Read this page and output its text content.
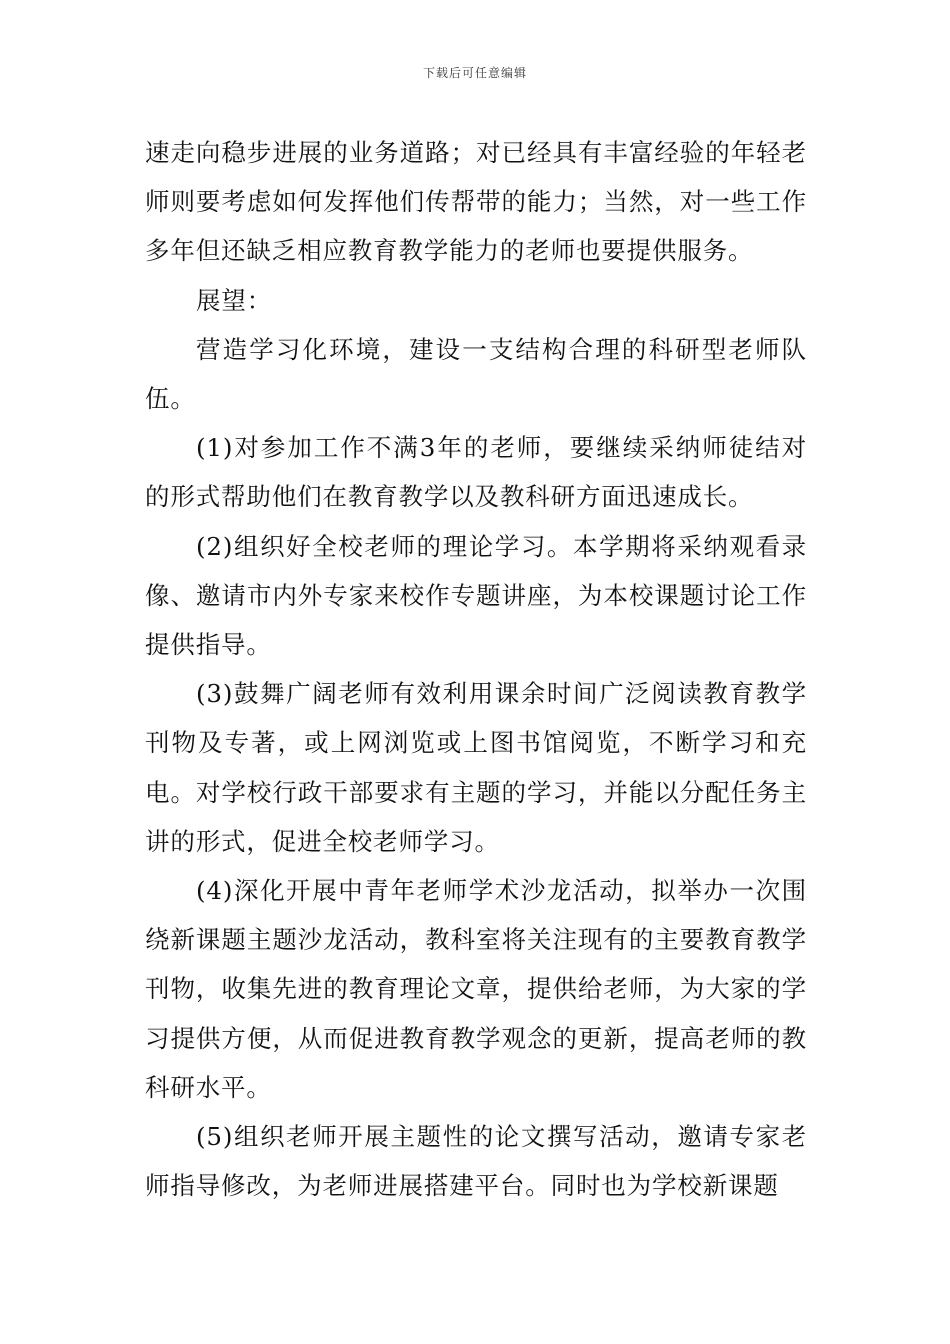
下载后可任意编辑

速走向稳步进展的业务道路；对已经具有丰富经验的年轻老师则要考虑如何发挥他们传帮带的能力；当然，对一些工作多年但还缺乏相应教育教学能力的老师也要提供服务。

展望：

营造学习化环境，建设一支结构合理的科研型老师队伍。

(1)对参加工作不满3年的老师，要继续采纳师徒结对的形式帮助他们在教育教学以及教科研方面迅速成长。

(2)组织好全校老师的理论学习。本学期将采纳观看录像、邀请市内外专家来校作专题讲座，为本校课题讨论工作提供指导。

(3)鼓舞广阔老师有效利用课余时间广泛阅读教育教学刊物及专著，或上网浏览或上图书馆阅览，不断学习和充电。对学校行政干部要求有主题的学习，并能以分配任务主讲的形式，促进全校老师学习。

(4)深化开展中青年老师学术沙龙活动，拟举办一次围绕新课题主题沙龙活动，教科室将关注现有的主要教育教学刊物，收集先进的教育理论文章，提供给老师，为大家的学习提供方便，从而促进教育教学观念的更新，提高老师的教科研水平。

(5)组织老师开展主题性的论文撰写活动，邀请专家老师指导修改，为老师进展搭建平台。同时也为学校新课题
